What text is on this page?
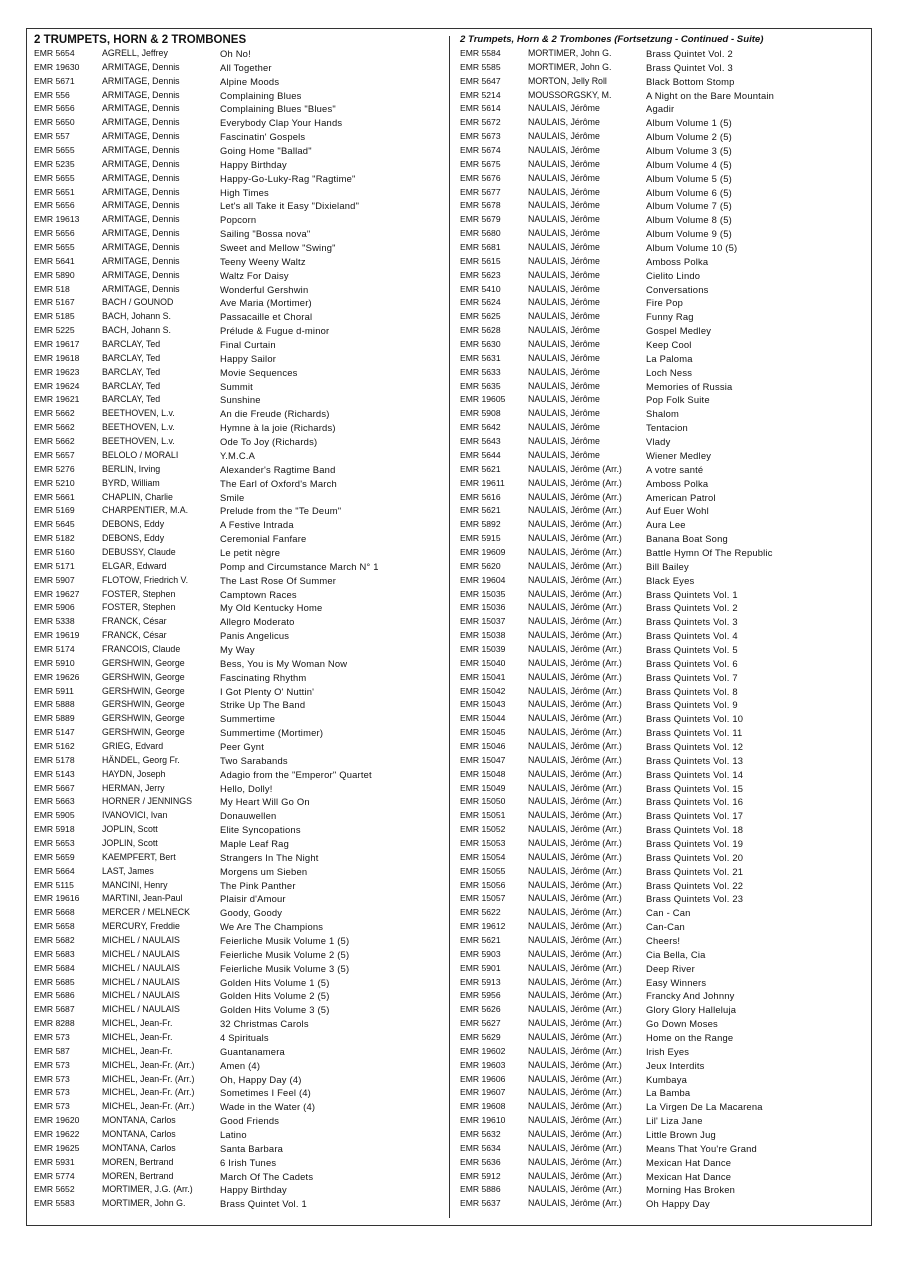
2 TRUMPETS, HORN & 2 TROMBONES
EMR 5654	AGRELL, Jeffrey	Oh No!
EMR 19630	ARMITAGE, Dennis	All Together
EMR 5671	ARMITAGE, Dennis	Alpine Moods
EMR 556	ARMITAGE, Dennis	Complaining Blues
EMR 5656	ARMITAGE, Dennis	Complaining Blues "Blues"
EMR 5650	ARMITAGE, Dennis	Everybody Clap Your Hands
EMR 557	ARMITAGE, Dennis	Fascinatin' Gospels
EMR 5655	ARMITAGE, Dennis	Going Home "Ballad"
EMR 5235	ARMITAGE, Dennis	Happy Birthday
EMR 5655	ARMITAGE, Dennis	Happy-Go-Luky-Rag "Ragtime"
EMR 5651	ARMITAGE, Dennis	High Times
EMR 5656	ARMITAGE, Dennis	Let's all Take it Easy "Dixieland"
EMR 19613	ARMITAGE, Dennis	Popcorn
EMR 5656	ARMITAGE, Dennis	Sailing "Bossa nova"
EMR 5655	ARMITAGE, Dennis	Sweet and Mellow "Swing"
EMR 5641	ARMITAGE, Dennis	Teeny Weeny Waltz
EMR 5890	ARMITAGE, Dennis	Waltz For Daisy
EMR 518	ARMITAGE, Dennis	Wonderful Gershwin
EMR 5167	BACH / GOUNOD	Ave Maria (Mortimer)
EMR 5185	BACH, Johann S.	Passacaille et Choral
EMR 5225	BACH, Johann S.	Prélude & Fugue d-minor
EMR 19617	BARCLAY, Ted	Final Curtain
EMR 19618	BARCLAY, Ted	Happy Sailor
EMR 19623	BARCLAY, Ted	Movie Sequences
EMR 19624	BARCLAY, Ted	Summit
EMR 19621	BARCLAY, Ted	Sunshine
EMR 5662	BEETHOVEN, L.v.	An die Freude (Richards)
EMR 5662	BEETHOVEN, L.v.	Hymne à la joie (Richards)
EMR 5662	BEETHOVEN, L.v.	Ode To Joy (Richards)
EMR 5657	BELOLO / MORALI	Y.M.C.A
EMR 5276	BERLIN, Irving	Alexander's Ragtime Band
EMR 5210	BYRD, William	The Earl of Oxford's March
EMR 5661	CHAPLIN, Charlie	Smile
EMR 5169	CHARPENTIER, M.A.	Prelude from the "Te Deum"
EMR 5645	DEBONS, Eddy	A Festive Intrada
EMR 5182	DEBONS, Eddy	Ceremonial Fanfare
EMR 5160	DEBUSSY, Claude	Le petit nègre
EMR 5171	ELGAR, Edward	Pomp and Circumstance March N° 1
EMR 5907	FLOTOW, Friedrich V.	The Last Rose Of Summer
EMR 19627	FOSTER, Stephen	Camptown Races
EMR 5906	FOSTER, Stephen	My Old Kentucky Home
EMR 5338	FRANCK, César	Allegro Moderato
EMR 19619	FRANCK, César	Panis Angelicus
EMR 5174	FRANCOIS, Claude	My Way
EMR 5910	GERSHWIN, George	Bess, You is My Woman Now
EMR 19626	GERSHWIN, George	Fascinating Rhythm
EMR 5911	GERSHWIN, George	I Got Plenty O' Nuttin'
EMR 5888	GERSHWIN, George	Strike Up The Band
EMR 5889	GERSHWIN, George	Summertime
EMR 5147	GERSHWIN, George	Summertime (Mortimer)
EMR 5162	GRIEG, Edvard	Peer Gynt
EMR 5178	HÄNDEL, Georg Fr.	Two Sarabands
EMR 5143	HAYDN, Joseph	Adagio from the "Emperor" Quartet
EMR 5667	HERMAN, Jerry	Hello, Dolly!
EMR 5663	HORNER / JENNINGS	My Heart Will Go On
EMR 5905	IVANOVICI, Ivan	Donauwellen
EMR 5918	JOPLIN, Scott	Elite Syncopations
EMR 5653	JOPLIN, Scott	Maple Leaf Rag
EMR 5659	KAEMPFERT, Bert	Strangers In The Night
EMR 5664	LAST, James	Morgens um Sieben
EMR 5115	MANCINI, Henry	The Pink Panther
EMR 19616	MARTINI, Jean-Paul	Plaisir d'Amour
EMR 5668	MERCER / MELNECK	Goody, Goody
EMR 5658	MERCURY, Freddie	We Are The Champions
EMR 5682	MICHEL / NAULAIS	Feierliche Musik Volume 1 (5)
EMR 5683	MICHEL / NAULAIS	Feierliche Musik Volume 2 (5)
EMR 5684	MICHEL / NAULAIS	Feierliche Musik Volume 3 (5)
EMR 5685	MICHEL / NAULAIS	Golden Hits Volume 1 (5)
EMR 5686	MICHEL / NAULAIS	Golden Hits Volume 2 (5)
EMR 5687	MICHEL / NAULAIS	Golden Hits Volume 3 (5)
EMR 8288	MICHEL, Jean-Fr.	32 Christmas Carols
EMR 573	MICHEL, Jean-Fr.	4 Spirituals
EMR 587	MICHEL, Jean-Fr.	Guantanamera
EMR 573	MICHEL, Jean-Fr. (Arr.)	Amen (4)
EMR 573	MICHEL, Jean-Fr. (Arr.)	Oh, Happy Day (4)
EMR 573	MICHEL, Jean-Fr. (Arr.)	Sometimes I Feel (4)
EMR 573	MICHEL, Jean-Fr. (Arr.)	Wade in the Water (4)
EMR 19620	MONTANA, Carlos	Good Friends
EMR 19622	MONTANA, Carlos	Latino
EMR 19625	MONTANA, Carlos	Santa Barbara
EMR 5931	MOREN, Bertrand	6 Irish Tunes
EMR 5774	MOREN, Bertrand	March Of The Cadets
EMR 5652	MORTIMER, J.G. (Arr.)	Happy Birthday
EMR 5583	MORTIMER, John G.	Brass Quintet Vol. 1
2 Trumpets, Horn & 2 Trombones (Fortsetzung - Continued - Suite)
EMR 5584	MORTIMER, John G.	Brass Quintet Vol. 2
EMR 5585	MORTIMER, John G.	Brass Quintet Vol. 3
EMR 5647	MORTON, Jelly Roll	Black Bottom Stomp
EMR 5214	MOUSSORGSKY, M.	A Night on the Bare Mountain
EMR 5614	NAULAIS, Jérôme	Agadir
EMR 5672	NAULAIS, Jérôme	Album Volume 1 (5)
EMR 5673	NAULAIS, Jérôme	Album Volume 2 (5)
EMR 5674	NAULAIS, Jérôme	Album Volume 3 (5)
EMR 5675	NAULAIS, Jérôme	Album Volume 4 (5)
EMR 5676	NAULAIS, Jérôme	Album Volume 5 (5)
EMR 5677	NAULAIS, Jérôme	Album Volume 6 (5)
EMR 5678	NAULAIS, Jérôme	Album Volume 7 (5)
EMR 5679	NAULAIS, Jérôme	Album Volume 8 (5)
EMR 5680	NAULAIS, Jérôme	Album Volume 9 (5)
EMR 5681	NAULAIS, Jérôme	Album Volume 10 (5)
EMR 5615	NAULAIS, Jérôme	Amboss Polka
EMR 5623	NAULAIS, Jérôme	Cielito Lindo
EMR 5410	NAULAIS, Jérôme	Conversations
EMR 5624	NAULAIS, Jérôme	Fire Pop
EMR 5625	NAULAIS, Jérôme	Funny Rag
EMR 5628	NAULAIS, Jérôme	Gospel Medley
EMR 5630	NAULAIS, Jérôme	Keep Cool
EMR 5631	NAULAIS, Jérôme	La Paloma
EMR 5633	NAULAIS, Jérôme	Loch Ness
EMR 5635	NAULAIS, Jérôme	Memories of Russia
EMR 19605	NAULAIS, Jérôme	Pop Folk Suite
EMR 5908	NAULAIS, Jérôme	Shalom
EMR 5642	NAULAIS, Jérôme	Tentacion
EMR 5643	NAULAIS, Jérôme	Vlady
EMR 5644	NAULAIS, Jérôme	Wiener Medley
EMR 5621	NAULAIS, Jérôme (Arr.)	A votre santé
EMR 19611	NAULAIS, Jérôme (Arr.)	Amboss Polka
EMR 5616	NAULAIS, Jérôme (Arr.)	American Patrol
EMR 5621	NAULAIS, Jérôme (Arr.)	Auf Euer Wohl
EMR 5892	NAULAIS, Jérôme (Arr.)	Aura Lee
EMR 5915	NAULAIS, Jérôme (Arr.)	Banana Boat Song
EMR 19609	NAULAIS, Jérôme (Arr.)	Battle Hymn Of The Republic
EMR 5620	NAULAIS, Jérôme (Arr.)	Bill Bailey
EMR 19604	NAULAIS, Jérôme (Arr.)	Black Eyes
EMR 15035	NAULAIS, Jérôme (Arr.)	Brass Quintets Vol. 1
EMR 15036	NAULAIS, Jérôme (Arr.)	Brass Quintets Vol. 2
EMR 15037	NAULAIS, Jérôme (Arr.)	Brass Quintets Vol. 3
EMR 15038	NAULAIS, Jérôme (Arr.)	Brass Quintets Vol. 4
EMR 15039	NAULAIS, Jérôme (Arr.)	Brass Quintets Vol. 5
EMR 15040	NAULAIS, Jérôme (Arr.)	Brass Quintets Vol. 6
EMR 15041	NAULAIS, Jérôme (Arr.)	Brass Quintets Vol. 7
EMR 15042	NAULAIS, Jérôme (Arr.)	Brass Quintets Vol. 8
EMR 15043	NAULAIS, Jérôme (Arr.)	Brass Quintets Vol. 9
EMR 15044	NAULAIS, Jérôme (Arr.)	Brass Quintets Vol. 10
EMR 15045	NAULAIS, Jérôme (Arr.)	Brass Quintets Vol. 11
EMR 15046	NAULAIS, Jérôme (Arr.)	Brass Quintets Vol. 12
EMR 15047	NAULAIS, Jérôme (Arr.)	Brass Quintets Vol. 13
EMR 15048	NAULAIS, Jérôme (Arr.)	Brass Quintets Vol. 14
EMR 15049	NAULAIS, Jérôme (Arr.)	Brass Quintets Vol. 15
EMR 15050	NAULAIS, Jérôme (Arr.)	Brass Quintets Vol. 16
EMR 15051	NAULAIS, Jérôme (Arr.)	Brass Quintets Vol. 17
EMR 15052	NAULAIS, Jérôme (Arr.)	Brass Quintets Vol. 18
EMR 15053	NAULAIS, Jérôme (Arr.)	Brass Quintets Vol. 19
EMR 15054	NAULAIS, Jérôme (Arr.)	Brass Quintets Vol. 20
EMR 15055	NAULAIS, Jérôme (Arr.)	Brass Quintets Vol. 21
EMR 15056	NAULAIS, Jérôme (Arr.)	Brass Quintets Vol. 22
EMR 15057	NAULAIS, Jérôme (Arr.)	Brass Quintets Vol. 23
EMR 5622	NAULAIS, Jérôme (Arr.)	Can - Can
EMR 19612	NAULAIS, Jérôme (Arr.)	Can-Can
EMR 5621	NAULAIS, Jérôme (Arr.)	Cheers!
EMR 5903	NAULAIS, Jérôme (Arr.)	Cia Bella, Cia
EMR 5901	NAULAIS, Jérôme (Arr.)	Deep River
EMR 5913	NAULAIS, Jérôme (Arr.)	Easy Winners
EMR 5956	NAULAIS, Jérôme (Arr.)	Francky And Johnny
EMR 5626	NAULAIS, Jérôme (Arr.)	Glory Glory Halleluja
EMR 5627	NAULAIS, Jérôme (Arr.)	Go Down Moses
EMR 5629	NAULAIS, Jérôme (Arr.)	Home on the Range
EMR 19602	NAULAIS, Jérôme (Arr.)	Irish Eyes
EMR 19603	NAULAIS, Jérôme (Arr.)	Jeux Interdits
EMR 19606	NAULAIS, Jérôme (Arr.)	Kumbaya
EMR 19607	NAULAIS, Jérôme (Arr.)	La Bamba
EMR 19608	NAULAIS, Jérôme (Arr.)	La Virgen De La Macarena
EMR 19610	NAULAIS, Jérôme (Arr.)	Lil' Liza Jane
EMR 5632	NAULAIS, Jérôme (Arr.)	Little Brown Jug
EMR 5634	NAULAIS, Jérôme (Arr.)	Means That You're Grand
EMR 5636	NAULAIS, Jérôme (Arr.)	Mexican Hat Dance
EMR 5912	NAULAIS, Jérôme (Arr.)	Mexican Hat Dance
EMR 5886	NAULAIS, Jérôme (Arr.)	Morning Has Broken
EMR 5637	NAULAIS, Jérôme (Arr.)	Oh Happy Day
